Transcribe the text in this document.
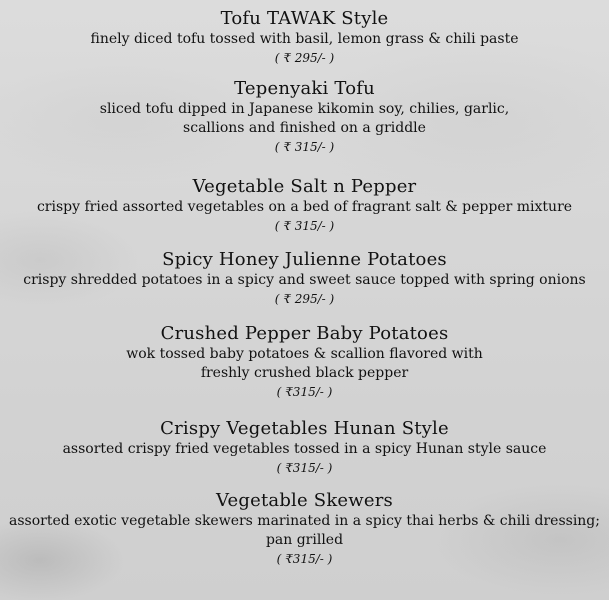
Tofu TAWAK Style
finely diced tofu tossed with basil, lemon grass & chili paste
( ₹ 295/- )
Tepenyaki Tofu
sliced tofu dipped in Japanese kikomin soy, chilies, garlic,
scallions and finished on a griddle
( ₹ 315/- )
Vegetable Salt n Pepper
crispy fried assorted vegetables on a bed of fragrant salt & pepper mixture
( ₹ 315/- )
Spicy Honey Julienne Potatoes
crispy shredded potatoes in a spicy and sweet sauce topped with spring onions
( ₹ 295/- )
Crushed Pepper Baby Potatoes
wok tossed baby potatoes & scallion flavored with
freshly crushed black pepper
( ₹315/- )
Crispy Vegetables Hunan Style
assorted crispy fried vegetables tossed in a spicy Hunan style sauce
( ₹315/- )
Vegetable Skewers
assorted exotic vegetable skewers marinated in a spicy thai herbs & chili dressing;
pan grilled
( ₹315/- )
